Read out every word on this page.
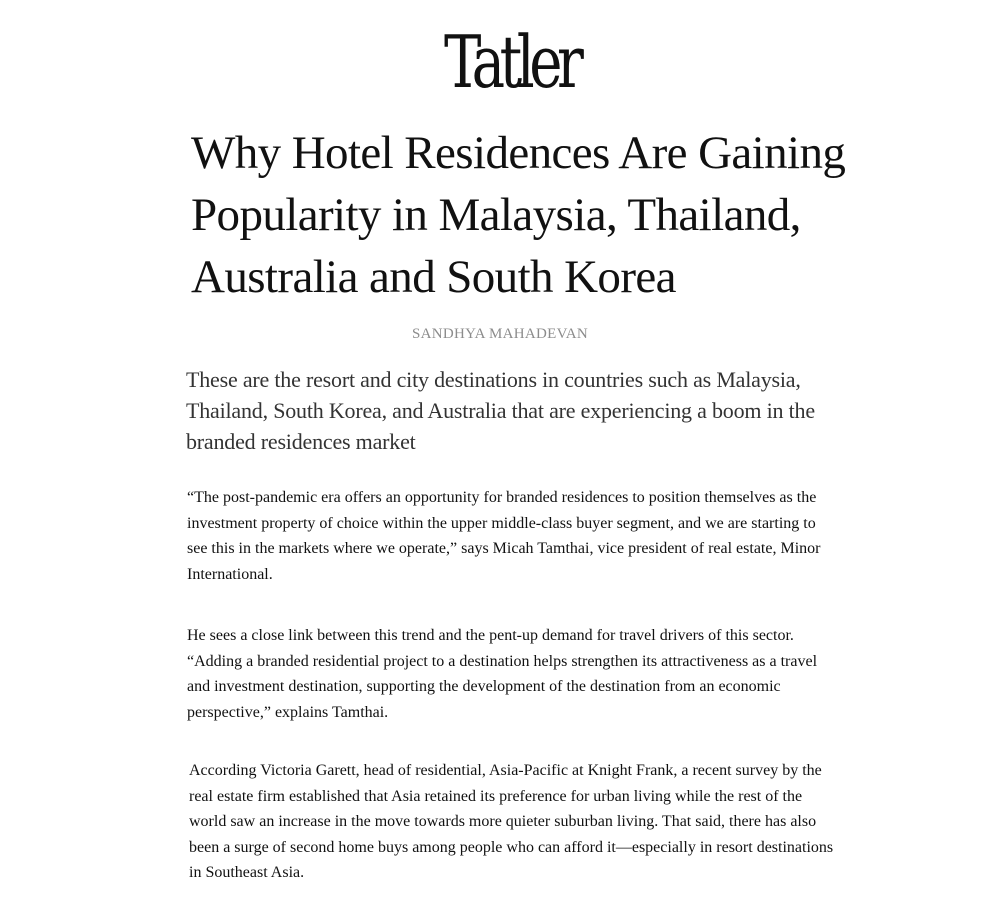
Tatler
Why Hotel Residences Are Gaining Popularity in Malaysia, Thailand, Australia and South Korea
SANDHYA MAHADEVAN

These are the resort and city destinations in countries such as Malaysia, Thailand, South Korea, and Australia that are experiencing a boom in the branded residences market

“The post-pandemic era offers an opportunity for branded residences to position themselves as the investment property of choice within the upper middle-class buyer segment, and we are starting to see this in the markets where we operate,” says Micah Tamthai, vice president of real estate, Minor International.

He sees a close link between this trend and the pent-up demand for travel drivers of this sector. “Adding a branded residential project to a destination helps strengthen its attractiveness as a travel and investment destination, supporting the development of the destination from an economic perspective,” explains Tamthai.

According Victoria Garett, head of residential, Asia-Pacific at Knight Frank, a recent survey by the real estate firm established that Asia retained its preference for urban living while the rest of the world saw an increase in the move towards more quieter suburban living. That said, there has also been a surge of second home buys among people who can afford it—especially in resort destinations in Southeast Asia.
